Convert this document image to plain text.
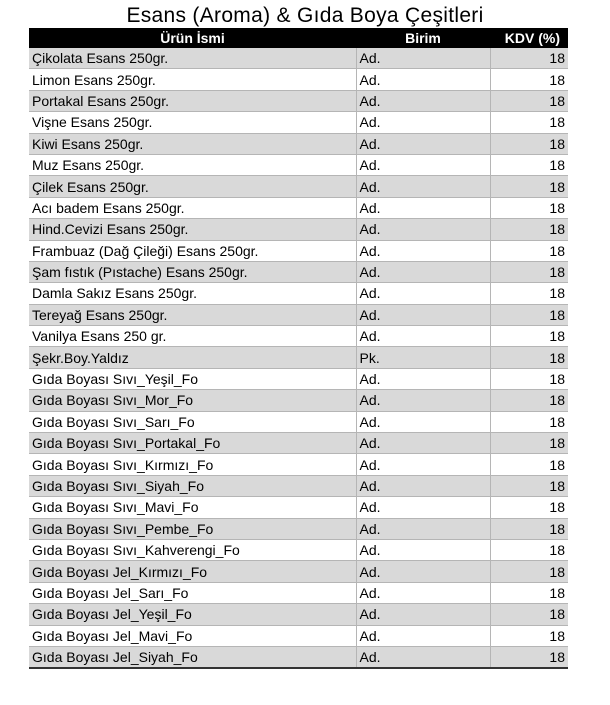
Esans (Aroma) & Gıda Boya Çeşitleri
Ürün İsmi	Birim	KDV (%)
Çikolata Esans 250gr.	Ad.	18
Limon Esans 250gr.	Ad.	18
Portakal Esans 250gr.	Ad.	18
Vişne Esans 250gr.	Ad.	18
Kiwi Esans 250gr.	Ad.	18
Muz Esans 250gr.	Ad.	18
Çilek Esans 250gr.	Ad.	18
Acı badem Esans 250gr.	Ad.	18
Hind.Cevizi Esans 250gr.	Ad.	18
Frambuaz (Dağ Çileği) Esans 250gr.	Ad.	18
Şam fıstık (Pıstache) Esans 250gr.	Ad.	18
Damla Sakız Esans 250gr.	Ad.	18
Tereyağ Esans 250gr.	Ad.	18
Vanilya Esans 250 gr.	Ad.	18
Şekr.Boy.Yaldız	Pk.	18
Gıda Boyası Sıvı_Yeşil_Fo	Ad.	18
Gıda Boyası Sıvı_Mor_Fo	Ad.	18
Gıda Boyası Sıvı_Sarı_Fo	Ad.	18
Gıda Boyası Sıvı_Portakal_Fo	Ad.	18
Gıda Boyası Sıvı_Kırmızı_Fo	Ad.	18
Gıda Boyası Sıvı_Siyah_Fo	Ad.	18
Gıda Boyası Sıvı_Mavi_Fo	Ad.	18
Gıda Boyası Sıvı_Pembe_Fo	Ad.	18
Gıda Boyası Sıvı_Kahverengi_Fo	Ad.	18
Gıda Boyası Jel_Kırmızı_Fo	Ad.	18
Gıda Boyası Jel_Sarı_Fo	Ad.	18
Gıda Boyası Jel_Yeşil_Fo	Ad.	18
Gıda Boyası Jel_Mavi_Fo	Ad.	18
Gıda Boyası Jel_Siyah_Fo	Ad.	18
